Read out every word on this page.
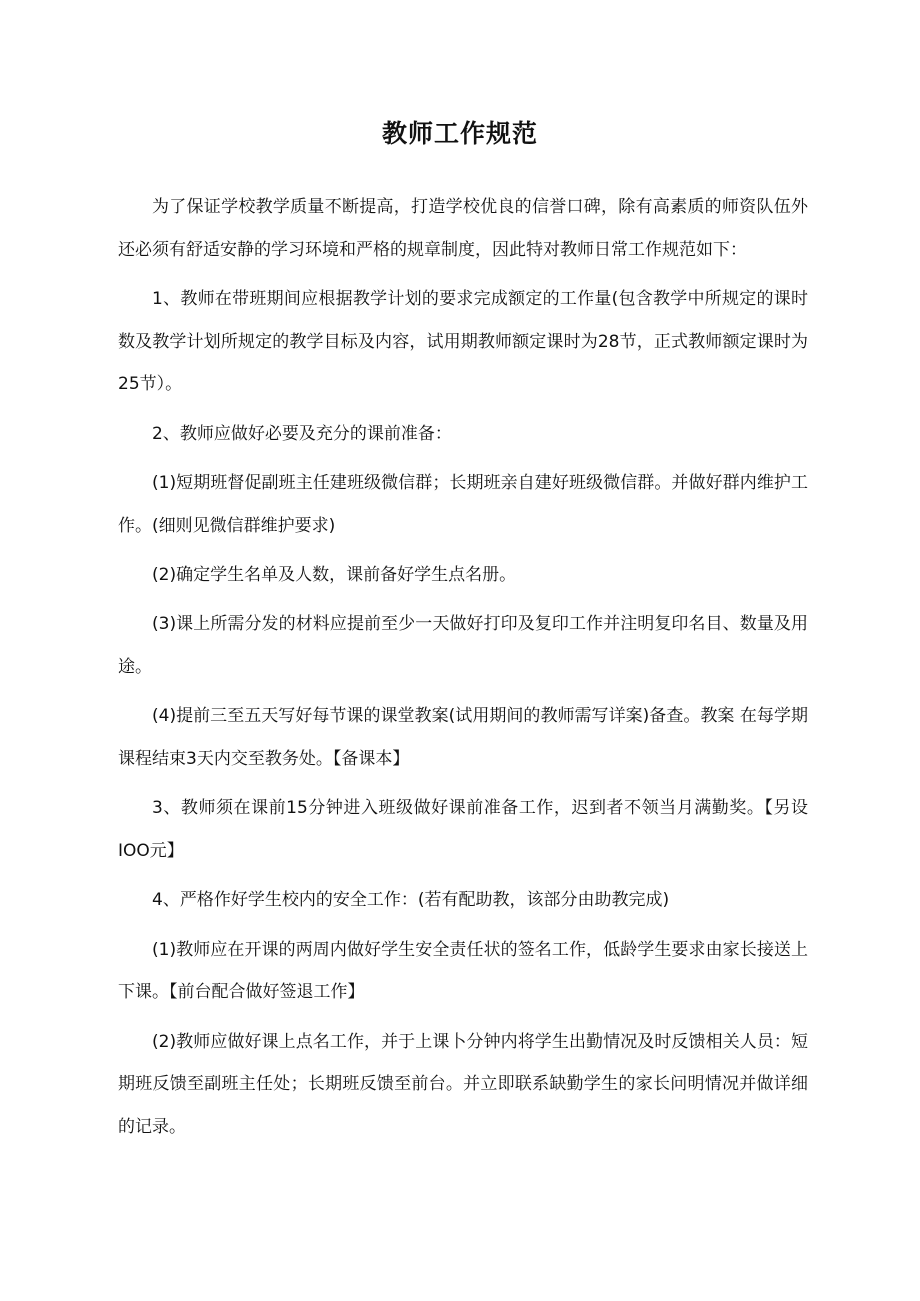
教师工作规范

为了保证学校教学质量不断提高，打造学校优良的信誉口碑，除有高素质的师资队伍外还必须有舒适安静的学习环境和严格的规章制度，因此特对教师日常工作规范如下：

1、教师在带班期间应根据教学计划的要求完成额定的工作量(包含教学中所规定的课时数及教学计划所规定的教学目标及内容，试用期教师额定课时为28节，正式教师额定课时为25节）。

2、教师应做好必要及充分的课前准备：

(1)短期班督促副班主任建班级微信群；长期班亲自建好班级微信群。并做好群内维护工作。(细则见微信群维护要求)

(2)确定学生名单及人数，课前备好学生点名册。

(3)课上所需分发的材料应提前至少一天做好打印及复印工作并注明复印名目、数量及用途。

(4)提前三至五天写好每节课的课堂教案(试用期间的教师需写详案)备查。教案 在每学期课程结束3天内交至教务处。【备课本】

3、教师须在课前15分钟进入班级做好课前准备工作，迟到者不领当月满勤奖。【另设IOO元】

4、严格作好学生校内的安全工作：(若有配助教，该部分由助教完成)

(1)教师应在开课的两周内做好学生安全责任状的签名工作，低龄学生要求由家长接送上下课。【前台配合做好签退工作】

(2)教师应做好课上点名工作，并于上课卜分钟内将学生出勤情况及时反馈相关人员：短期班反馈至副班主任处；长期班反馈至前台。并立即联系缺勤学生的家长问明情况并做详细的记录。
